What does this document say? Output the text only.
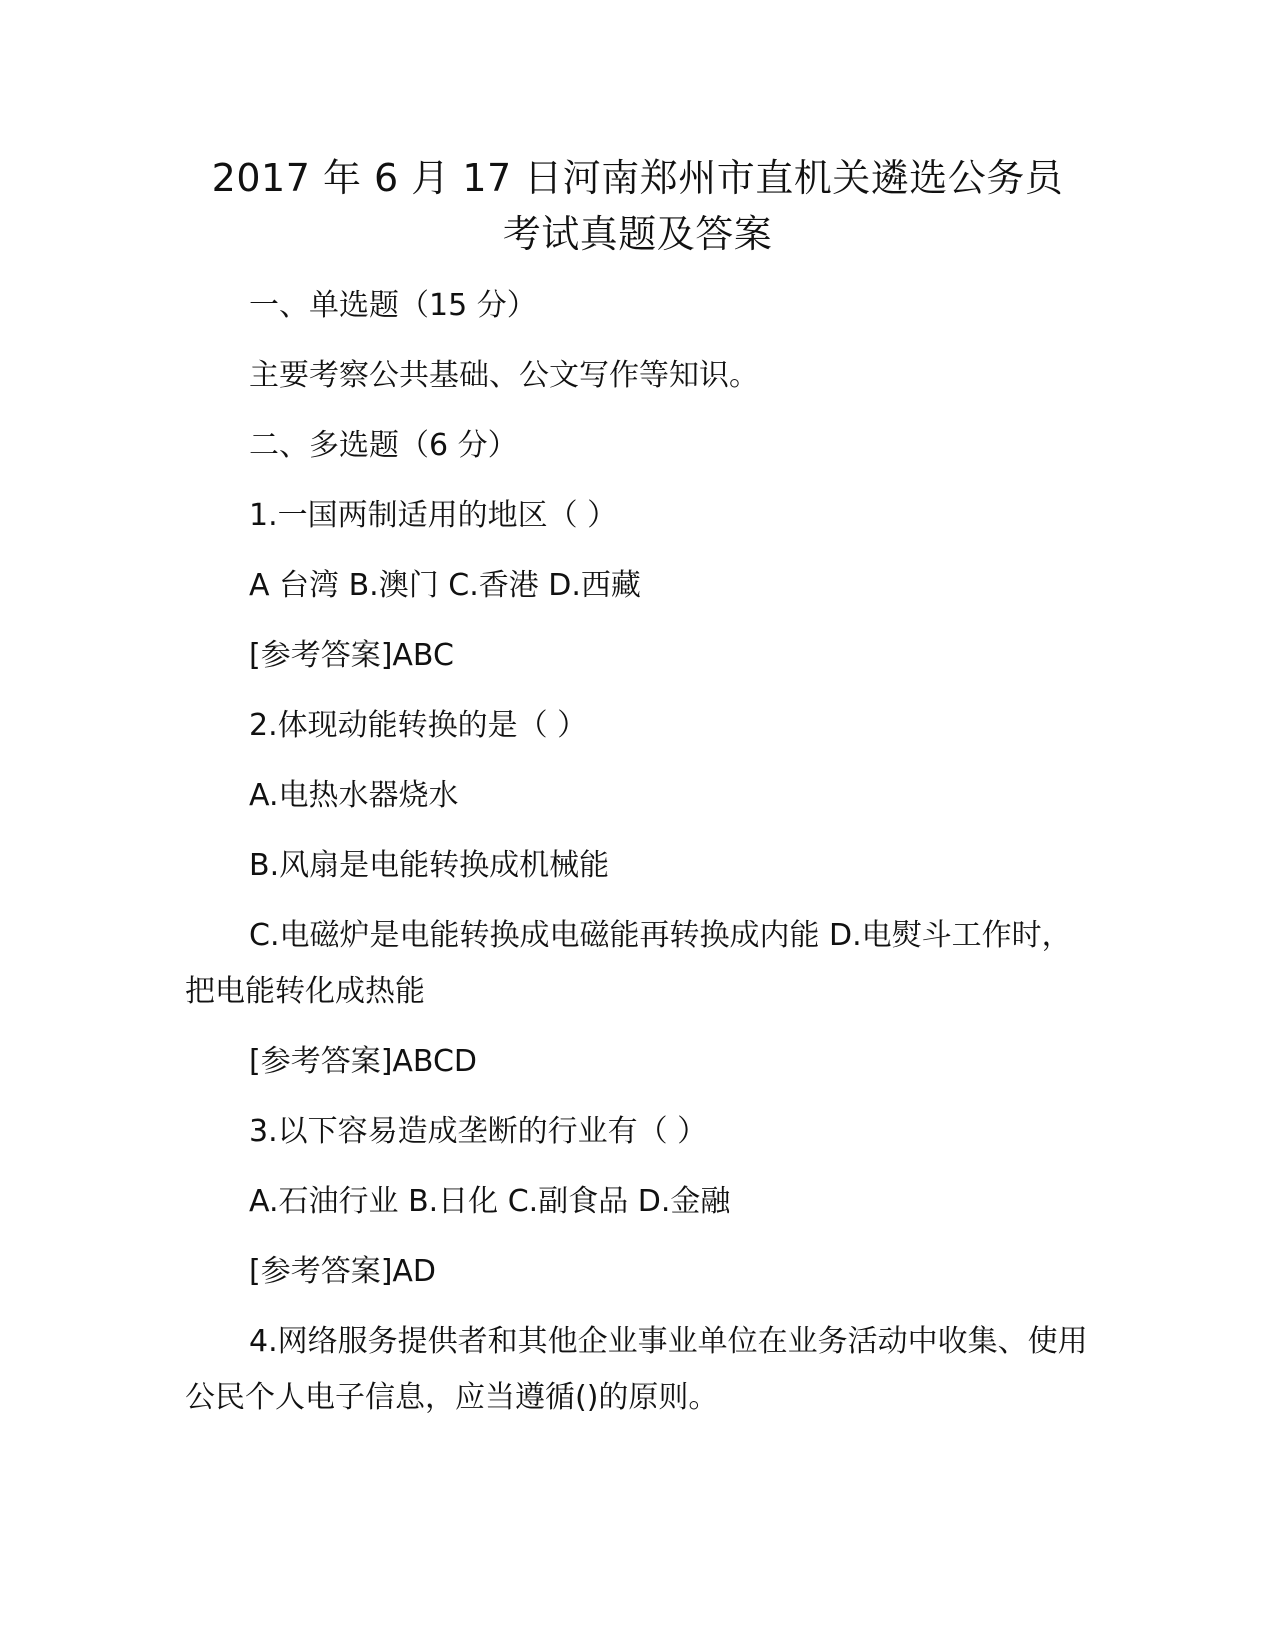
2017 年 6 月 17 日河南郑州市直机关遴选公务员
考试真题及答案

一、单选题（15 分）

主要考察公共基础、公文写作等知识。

二、多选题（6 分）

1.一国两制适用的地区（ ）

A 台湾 B.澳门 C.香港 D.西藏

[参考答案]ABC

2.体现动能转换的是（ ）

A.电热水器烧水

B.风扇是电能转换成机械能

C.电磁炉是电能转换成电磁能再转换成内能 D.电熨斗工作时，把电能转化成热能

[参考答案]ABCD

3.以下容易造成垄断的行业有（ ）

A.石油行业 B.日化 C.副食品 D.金融

[参考答案]AD

4.网络服务提供者和其他企业事业单位在业务活动中收集、使用公民个人电子信息，应当遵循()的原则。
